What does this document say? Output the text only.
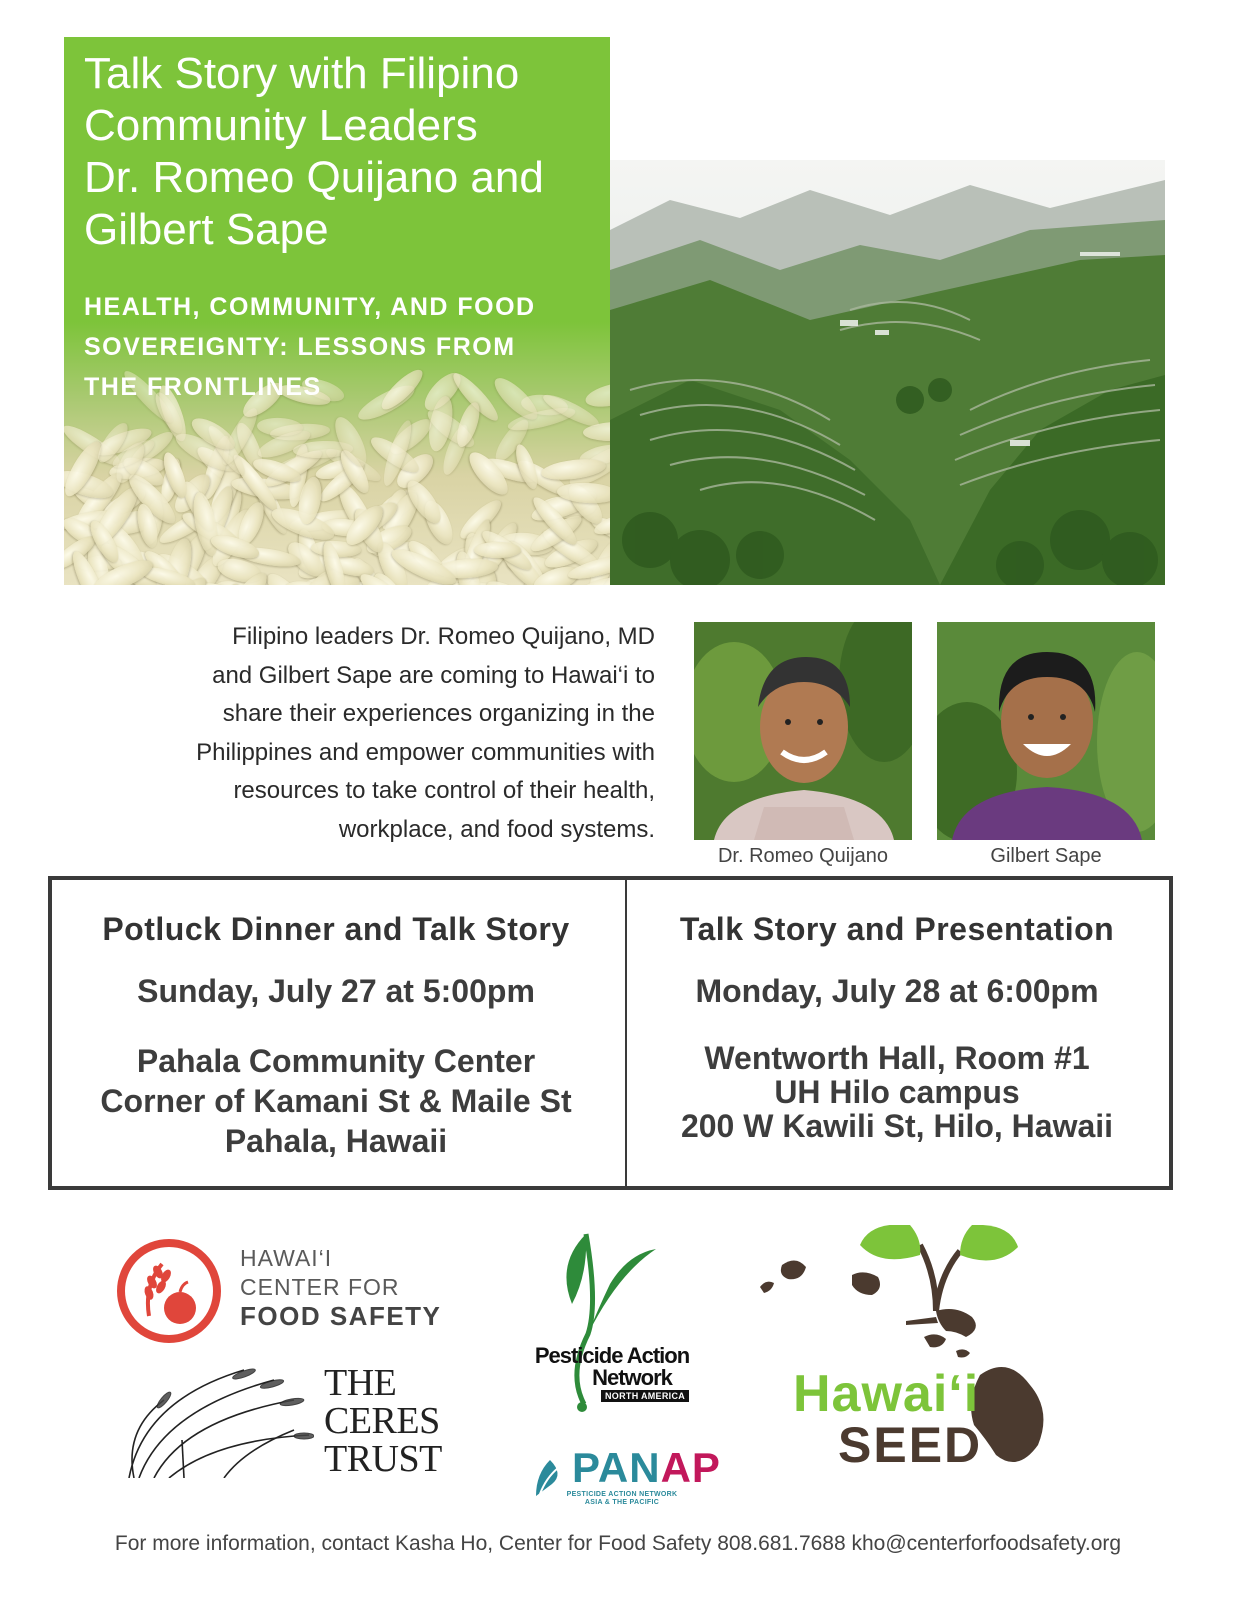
Talk Story with Filipino
Community Leaders
Dr. Romeo Quijano and
Gilbert Sape
HEALTH, COMMUNITY, AND FOOD
SOVEREIGNTY: LESSONS FROM
THE FRONTLINES
Filipino leaders Dr. Romeo Quijano, MD
and Gilbert Sape are coming to Hawai‘i to
share their experiences organizing in the
Philippines and empower communities with
resources to take control of their health,
workplace, and food systems.
Dr. Romeo Quijano	Gilbert Sape
Potluck Dinner and Talk Story
Sunday, July 27 at 5:00pm
Pahala Community Center
Corner of Kamani St & Maile St
Pahala, Hawaii
Talk Story and Presentation
Monday, July 28 at 6:00pm
Wentworth Hall, Room #1
UH Hilo campus
200 W Kawili St, Hilo, Hawaii
HAWAI‘I
CENTER FOR
FOOD SAFETY
THE
CERES
TRUST
Pesticide Action
Network
NORTH AMERICA
PANAP
PESTICIDE ACTION NETWORK
ASIA & THE PACIFIC
Hawai‘i
SEED
For more information, contact Kasha Ho, Center for Food Safety 808.681.7688 kho@centerforfoodsafety.org
